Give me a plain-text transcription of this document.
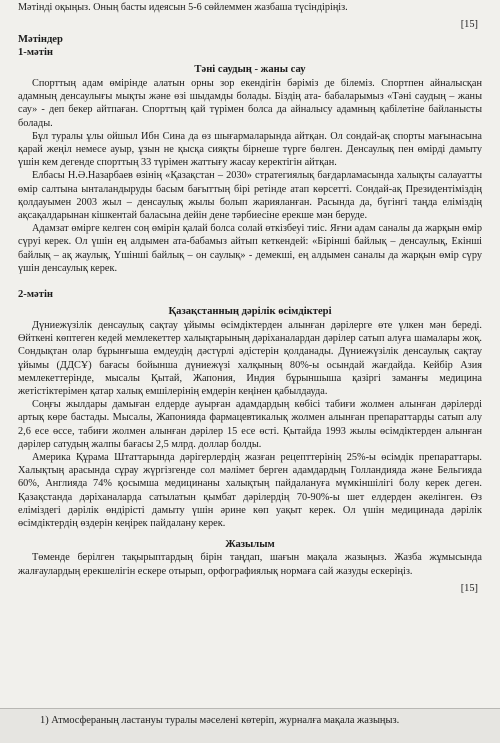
Мәтінді оқыңыз. Оның басты идеясын 5-6 сөйлеммен жазбаша түсіндіріңіз.
[15]
Мәтіндер
1-мәтін
Тәні саудың - жаны сау

Спорттың адам өмірінде алатын орны зор екендігін бәріміз де білеміз. Спортпен айналысқан адамның денсаулығы мықты және өзі шыдамды болады. Біздің ата- бабаларымыз «Тәні саудың – жаны сау» - деп бекер айтпаған. Спорттың қай түрімен болса да айналысу адамның қабілетіне байланысты болады.

Бұл туралы ұлы ойшыл Ибн Сина да өз шығармаларында айтқан. Ол сондай-ақ спорты мағынасына қарай жеңіл немесе ауыр, ұзын не қысқа сияқты бірнеше түрге бөлген. Денсаулық пен өмірді дамыту үшін кем дегенде спорттың 33 түрімен жаттығу жасау керектігін айтқан.

Елбасы Н.Ә.Назарбаев өзінің «Қазақстан – 2030» стратегиялық бағдарламасында халықты салауатты өмір салтына ынталандыруды басым бағыттың бірі ретінде атап көрсетті. Сондай-ақ Президентіміздің қолдауымен 2003 жыл – денсаулық жылы болып жарияланған. Расында да, бүгінгі таңда еліміздің ақсақалдарынан кішкентай баласына дейін дене тәрбиесіне ерекше мән беруде.

Адамзат өмірге келген соң өмірін қалай болса солай өткізбеуі тиіс. Яғни адам саналы да жарқын өмір сүруі керек. Ол үшін ең алдымен ата-бабамыз айтып кеткендей: «Бірінші байлық – денсаулық, Екінші байлық – ақ жаулық, Үшінші байлық – он саулық» - демекші, ең алдымен саналы да жарқын өмір сүру үшін денсаулық керек.

2-мәтін
Қазақстанның дәрілік өсімдіктері

Дүниежүзілік денсаулық сақтау ұйымы өсімдіктерден алынған дәрілерге өте үлкен мән береді. Өйткені көптеген кедей мемлекеттер халықтарының дәріханалардан дәрілер сатып алуға шамалары жоқ. Сондықтан олар бұрынғыша емдеудің дәстүрлі әдістерін қолданады. Дүниежүзілік денсаулық сақтау ұйымы (ДДСҰ) бағасы бойынша дүниежүзі халқының 80%-ы осындай жағдайда. Кейбір Азия мемлекеттерінде, мысалы Қытай, Жапония, Индия бұрыншыша қазіргі заманғы медицина жетістіктерімен қатар халық емшілерінің емдерін кеңінен қабылдауда.

Соңғы жылдары дамыған елдерде ауырған адамдардың көбісі табиғи жолмен алынған дәрілерді артық көре бастады. Мысалы, Жапонияда фармацевтикалық жолмен алынған препараттарды сатып алу 2,6 есе өссе, табиғи жолмен алынған дәрілер 15 есе өсті. Қытайда 1993 жылы өсімдіктерден алынған дәрілер сатудың жалпы бағасы 2,5 млрд. доллар болды.

Америка Құрама Штаттарында дәрігерлердің жазған рецепттерінің 25%-ы өсімдік препараттары. Халықтың арасында сұрау жүргізгенде сол мәлімет берген адамдардың Голландияда және Бельгияда 60%, Англияда 74% қосымша медицинаны халықтың пайдалануға мүмкіншілігі болу керек деген. Қазақстанда дәріханаларда сатылатын қымбат дәрілердің 70-90%-ы шет елдерден әкелінген. Өз еліміздегі дәрілік өндірісті дамыту үшін әрине көп уақыт керек. Ол үшін медицинада дәрілік өсімдіктердің өздерін кеңірек пайдалану керек.

Жазылым

Төменде берілген тақырыптардың бірін таңдап, шағын мақала жазыңыз. Жазба жұмысында жалғаулардың ерекшелігін ескере отырып, орфографиялық нормаға сай жазуды ескеріңіз.

[15]
1) Атмосфераның ластануы туралы мәселені көтеріп, журналға мақала жазыңыз.
